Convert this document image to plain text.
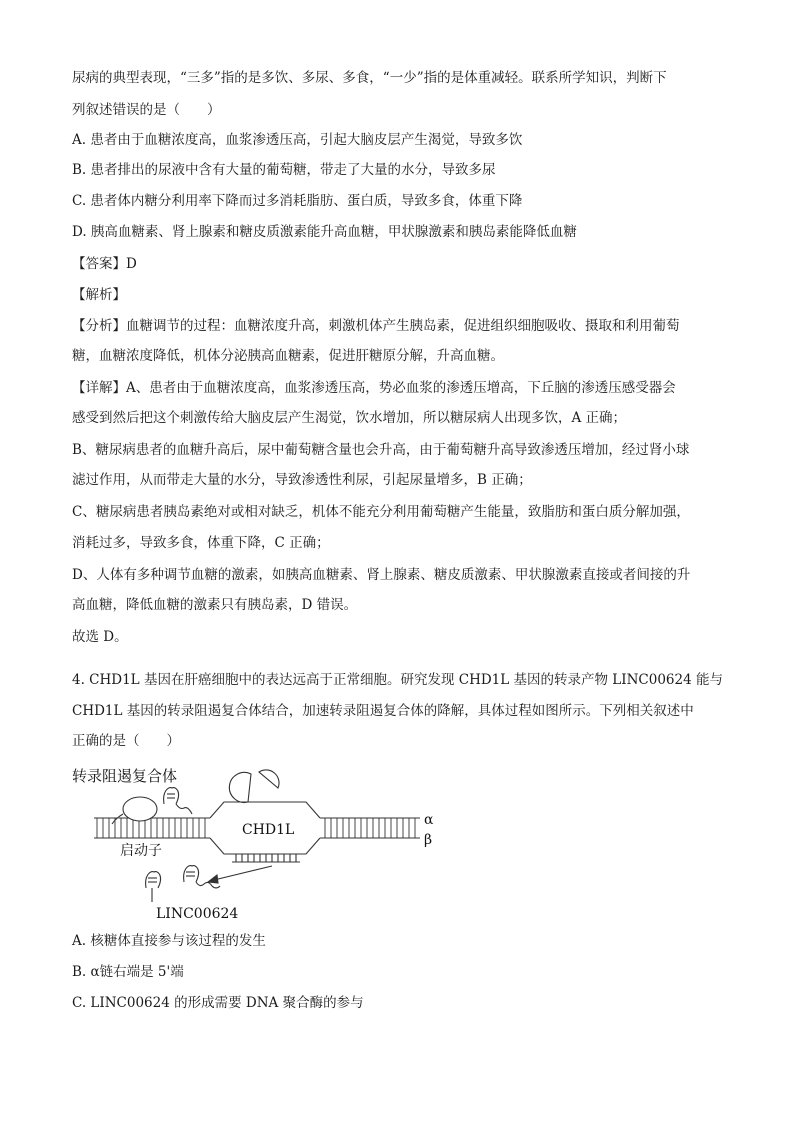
尿病的典型表现，“三多”指的是多饮、多尿、多食，“一少”指的是体重减轻。联系所学知识，判断下
列叙述错误的是（　　）
A. 患者由于血糖浓度高，血浆渗透压高，引起大脑皮层产生渴觉，导致多饮
B. 患者排出的尿液中含有大量的葡萄糖，带走了大量的水分，导致多尿
C. 患者体内糖分利用率下降而过多消耗脂肪、蛋白质，导致多食，体重下降
D. 胰高血糖素、肾上腺素和糖皮质激素能升高血糖，甲状腺激素和胰岛素能降低血糖
【答案】D
【解析】
【分析】血糖调节的过程：血糖浓度升高，刺激机体产生胰岛素，促进组织细胞吸收、摄取和利用葡萄
糖，血糖浓度降低，机体分泌胰高血糖素，促进肝糖原分解，升高血糖。
【详解】A、患者由于血糖浓度高，血浆渗透压高，势必血浆的渗透压增高，下丘脑的渗透压感受器会
感受到然后把这个刺激传给大脑皮层产生渴觉，饮水增加，所以糖尿病人出现多饮，A 正确；
B、糖尿病患者的血糖升高后，尿中葡萄糖含量也会升高，由于葡萄糖升高导致渗透压增加，经过肾小球
滤过作用，从而带走大量的水分，导致渗透性利尿，引起尿量增多，B 正确；
C、糖尿病患者胰岛素绝对或相对缺乏，机体不能充分利用葡萄糖产生能量，致脂肪和蛋白质分解加强，
消耗过多，导致多食，体重下降，C 正确；
D、人体有多种调节血糖的激素，如胰高血糖素、肾上腺素、糖皮质激素、甲状腺激素直接或者间接的升
高血糖，降低血糖的激素只有胰岛素，D 错误。
故选 D。
4. CHD1L 基因在肝癌细胞中的表达远高于正常细胞。研究发现 CHD1L 基因的转录产物 LINC00624 能与
CHD1L 基因的转录阻遏复合体结合，加速转录阻遏复合体的降解，具体过程如图所示。下列相关叙述中
正确的是（　　）
转录阻遏复合体
CHD1L
α
β
启动子
LINC00624
A. 核糖体直接参与该过程的发生
B. α链右端是 5'端
C. LINC00624 的形成需要 DNA 聚合酶的参与
